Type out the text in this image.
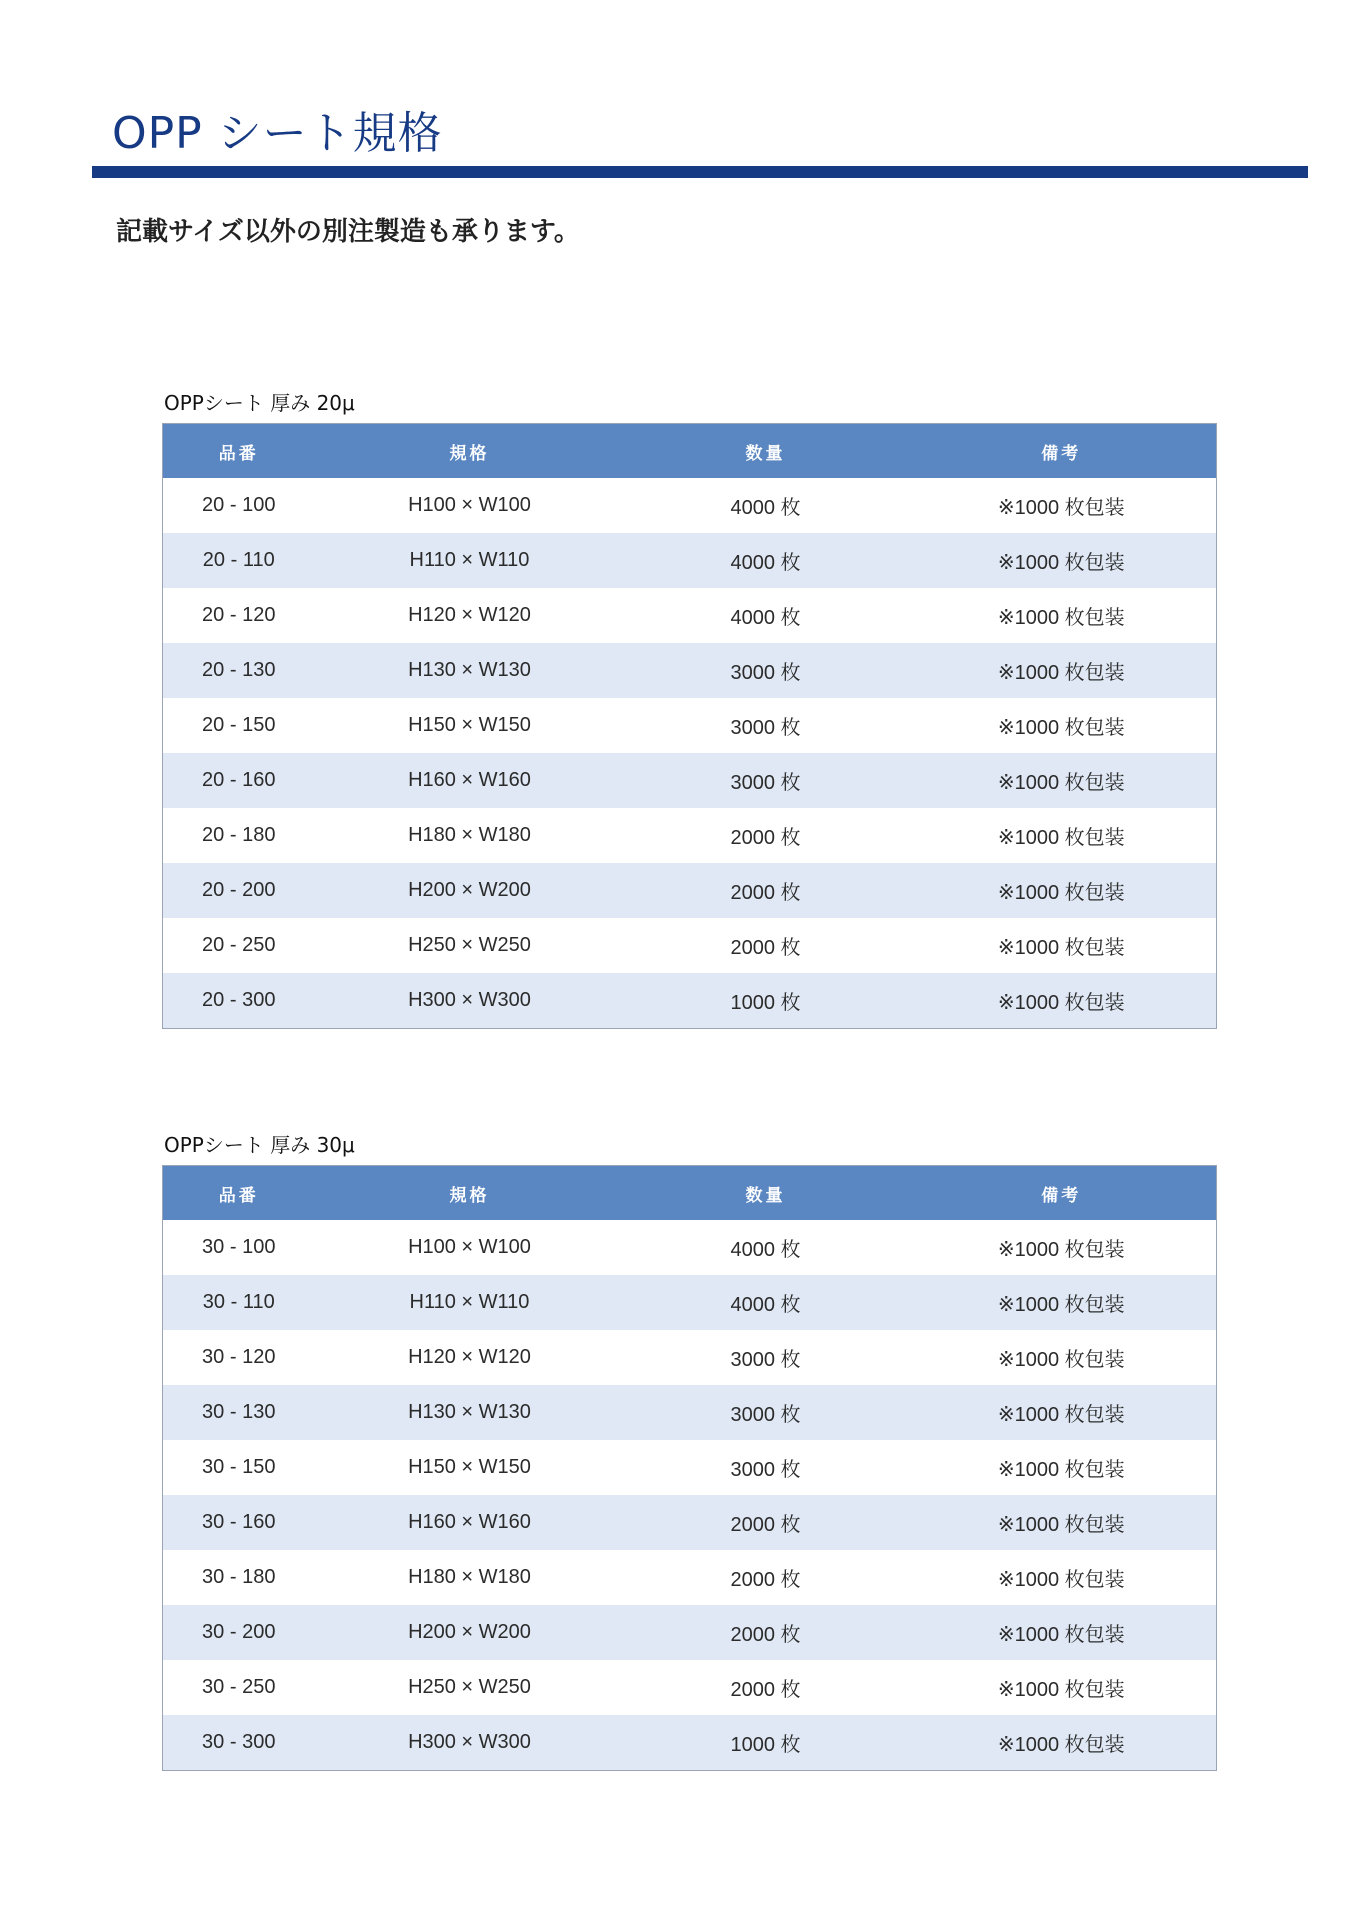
OPP シート規格

記載サイズ以外の別注製造も承ります。

OPPシート 厚み 20μ
品番	規格	数量	備考
20 - 100	H100 × W100	4000 枚	※1000 枚包装
20 - 110	H110 × W110	4000 枚	※1000 枚包装
20 - 120	H120 × W120	4000 枚	※1000 枚包装
20 - 130	H130 × W130	3000 枚	※1000 枚包装
20 - 150	H150 × W150	3000 枚	※1000 枚包装
20 - 160	H160 × W160	3000 枚	※1000 枚包装
20 - 180	H180 × W180	2000 枚	※1000 枚包装
20 - 200	H200 × W200	2000 枚	※1000 枚包装
20 - 250	H250 × W250	2000 枚	※1000 枚包装
20 - 300	H300 × W300	1000 枚	※1000 枚包装
OPPシート 厚み 30μ
品番	規格	数量	備考
30 - 100	H100 × W100	4000 枚	※1000 枚包装
30 - 110	H110 × W110	4000 枚	※1000 枚包装
30 - 120	H120 × W120	3000 枚	※1000 枚包装
30 - 130	H130 × W130	3000 枚	※1000 枚包装
30 - 150	H150 × W150	3000 枚	※1000 枚包装
30 - 160	H160 × W160	2000 枚	※1000 枚包装
30 - 180	H180 × W180	2000 枚	※1000 枚包装
30 - 200	H200 × W200	2000 枚	※1000 枚包装
30 - 250	H250 × W250	2000 枚	※1000 枚包装
30 - 300	H300 × W300	1000 枚	※1000 枚包装
